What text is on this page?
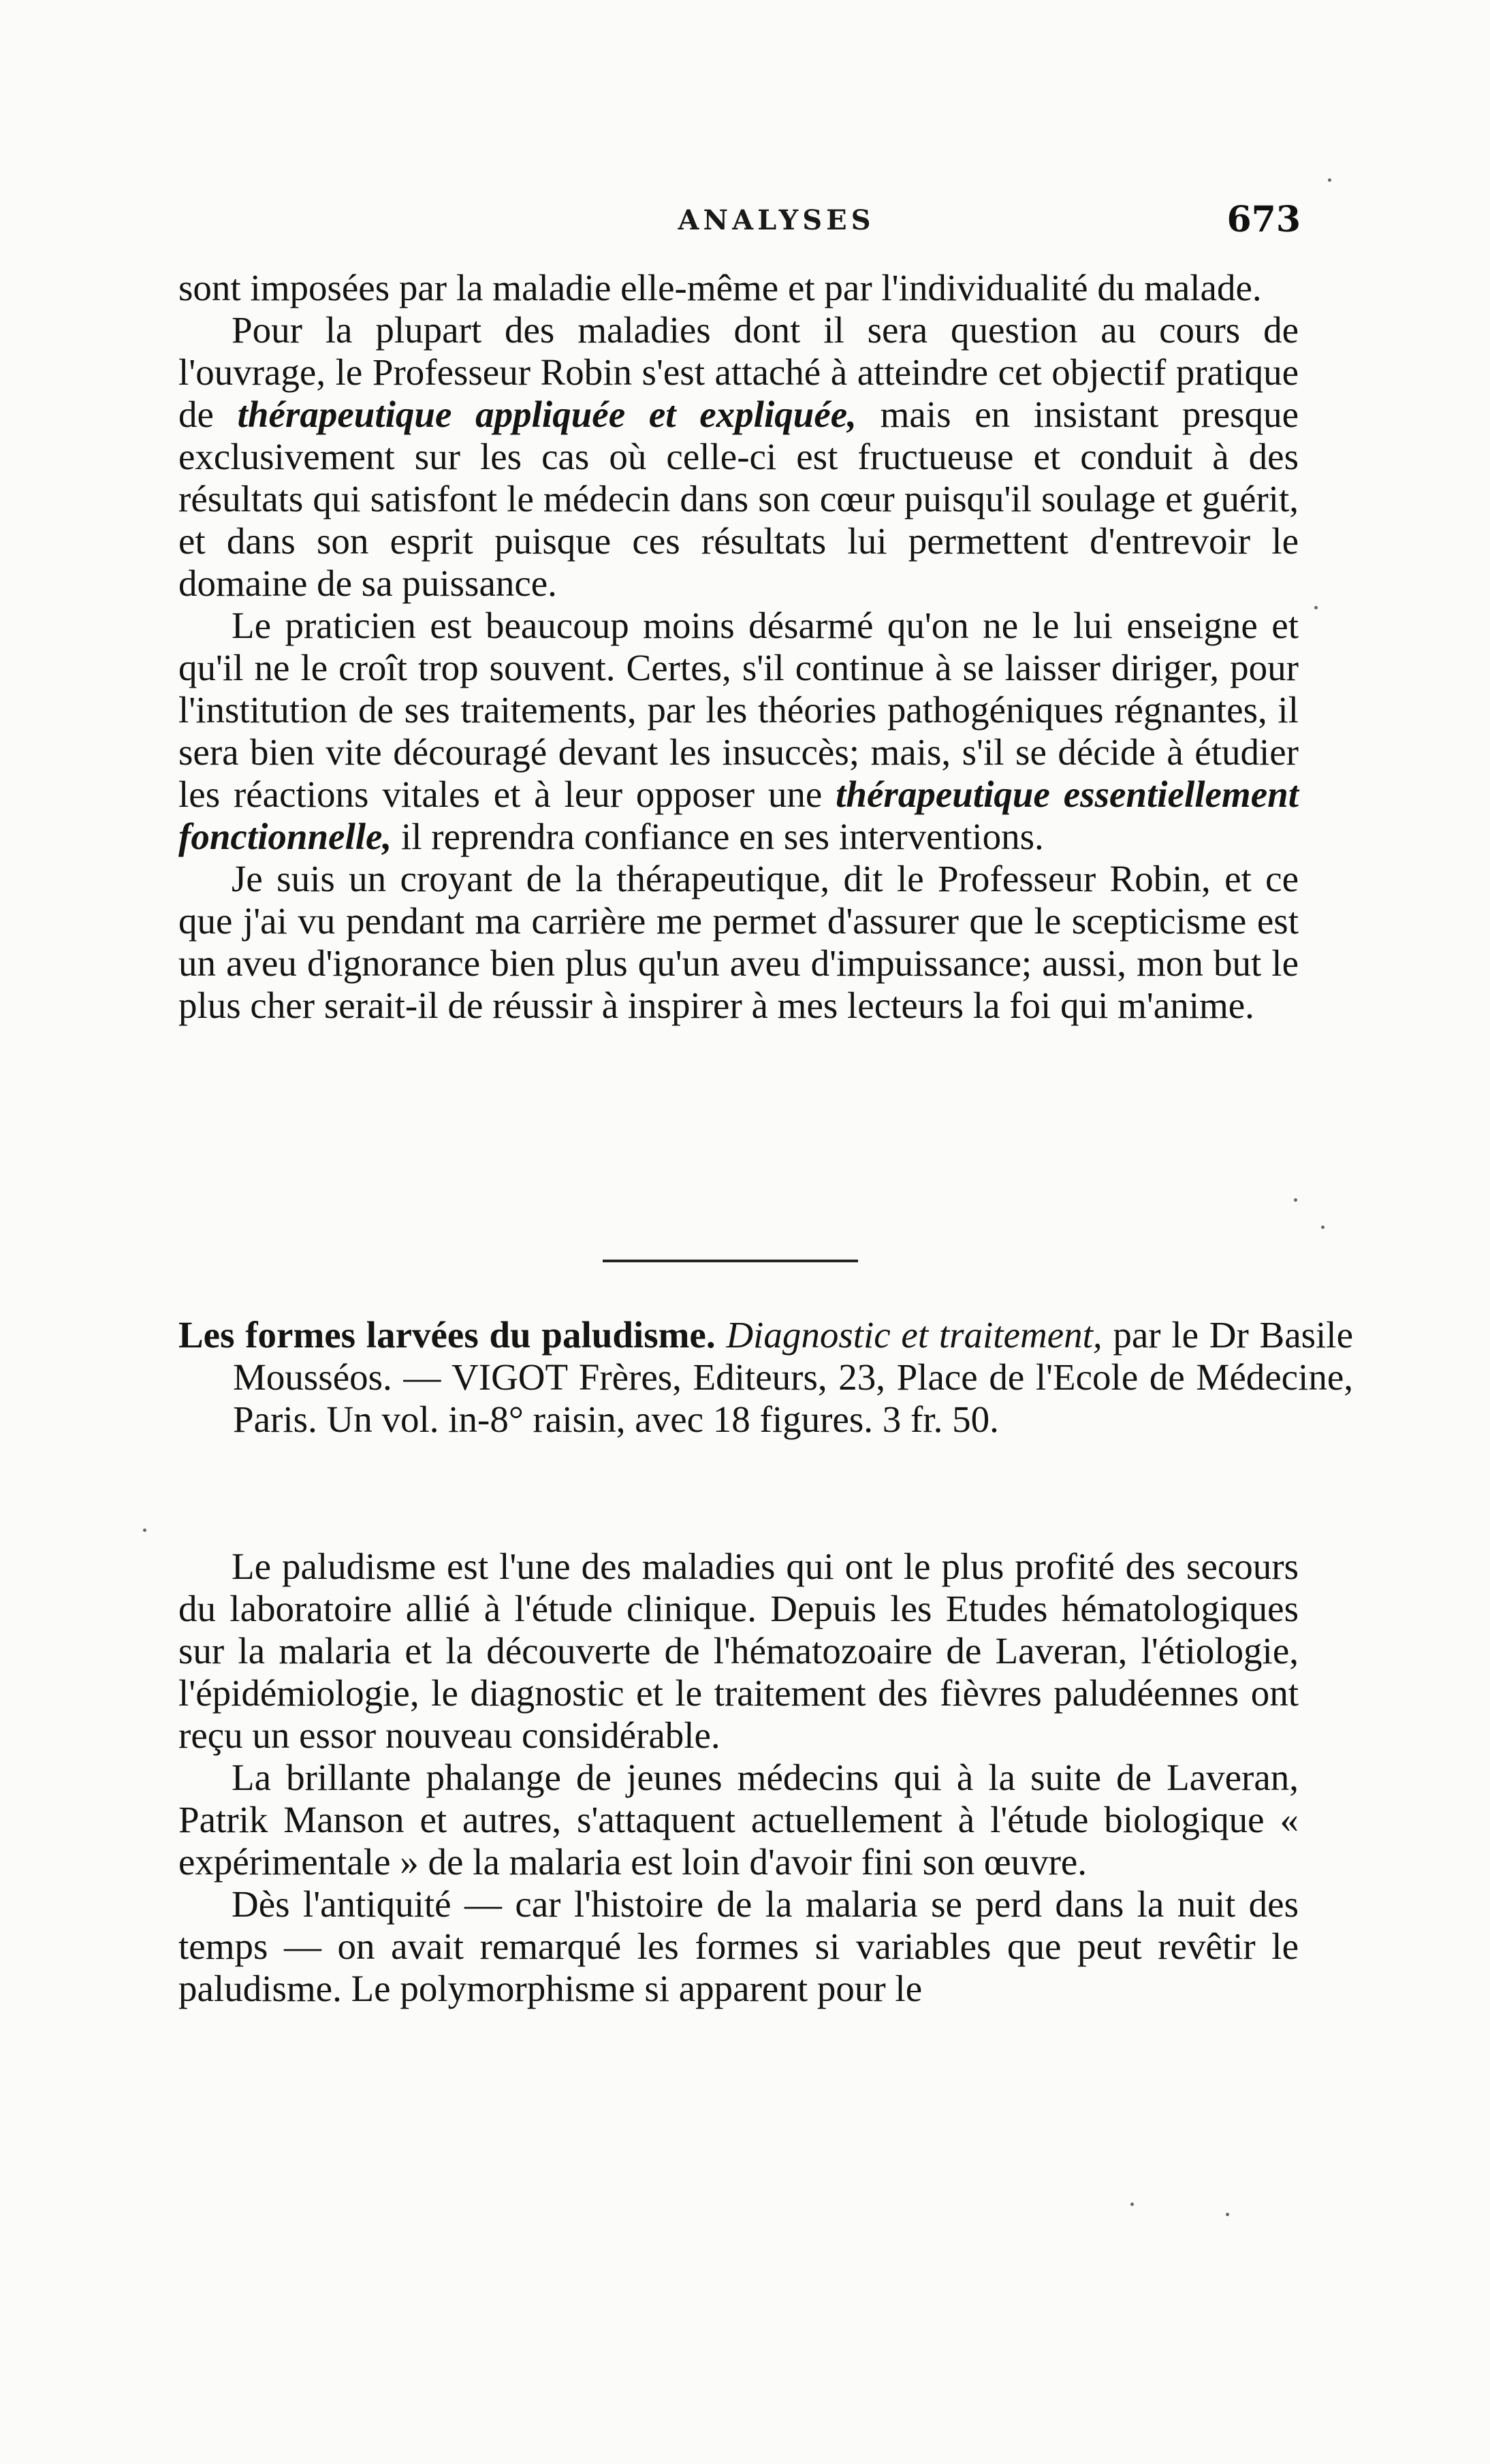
ANALYSES	673

sont imposées par la maladie elle-même et par l'individualité du malade.

Pour la plupart des maladies dont il sera question au cours de l'ouvrage, le Professeur Robin s'est attaché à atteindre cet objectif pratique de thérapeutique appliquée et expliquée, mais en insistant presque exclusivement sur les cas où celle-ci est fructueuse et conduit à des résultats qui satisfont le médecin dans son cœur puisqu'il soulage et guérit, et dans son esprit puisque ces résultats lui permettent d'entrevoir le domaine de sa puissance.

Le praticien est beaucoup moins désarmé qu'on ne le lui enseigne et qu'il ne le croît trop souvent. Certes, s'il continue à se laisser diriger, pour l'institution de ses traitements, par les théories pathogéniques régnantes, il sera bien vite découragé devant les insuccès; mais, s'il se décide à étudier les réactions vitales et à leur opposer une thérapeutique essentiellement fonctionnelle, il reprendra confiance en ses interventions.

Je suis un croyant de la thérapeutique, dit le Professeur Robin, et ce que j'ai vu pendant ma carrière me permet d'assurer que le scepticisme est un aveu d'ignorance bien plus qu'un aveu d'impuissance; aussi, mon but le plus cher serait-il de réussir à inspirer à mes lecteurs la foi qui m'anime.

Les formes larvées du paludisme. Diagnostic et traitement, par le Dr Basile Mousséos. — VIGOT Frères, Editeurs, 23, Place de l'Ecole de Médecine, Paris. Un vol. in-8° raisin, avec 18 figures. 3 fr. 50.

Le paludisme est l'une des maladies qui ont le plus profité des secours du laboratoire allié à l'étude clinique. Depuis les Etudes hématologiques sur la malaria et la découverte de l'hématozoaire de Laveran, l'étiologie, l'épidémiologie, le diagnostic et le traitement des fièvres paludéennes ont reçu un essor nouveau considérable.

La brillante phalange de jeunes médecins qui à la suite de Laveran, Patrik Manson et autres, s'attaquent actuellement à l'étude biologique « expérimentale » de la malaria est loin d'avoir fini son œuvre.

Dès l'antiquité — car l'histoire de la malaria se perd dans la nuit des temps — on avait remarqué les formes si variables que peut revêtir le paludisme. Le polymorphisme si apparent pour le
